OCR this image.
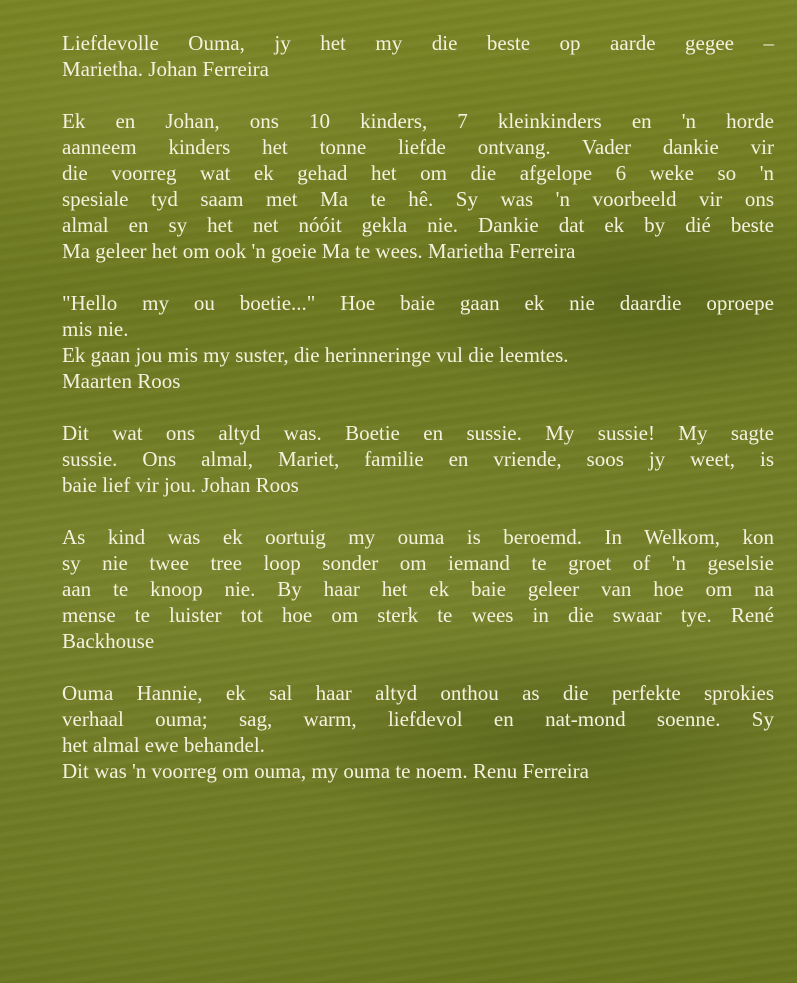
Liefdevolle Ouma, jy het my die beste op aarde gegee –
Marietha. Johan Ferreira
Ek en Johan, ons 10 kinders, 7 kleinkinders en 'n horde
aanneem kinders het tonne liefde ontvang. Vader dankie vir
die voorreg wat ek gehad het om die afgelope 6 weke so 'n
spesiale tyd saam met Ma te hê. Sy was 'n voorbeeld vir ons
almal en sy het net nóóit gekla nie. Dankie dat ek by dié beste
Ma geleer het om ook 'n goeie Ma te wees. Marietha Ferreira
"Hello my ou boetie..." Hoe baie gaan ek nie daardie oproepe
mis nie.
Ek gaan jou mis my suster, die herinneringe vul die leemtes.
Maarten Roos
Dit wat ons altyd was. Boetie en sussie. My sussie! My sagte
sussie. Ons almal, Mariet, familie en vriende, soos jy weet, is
baie lief vir jou. Johan Roos
As kind was ek oortuig my ouma is beroemd. In Welkom, kon
sy nie twee tree loop sonder om iemand te groet of 'n geselsie
aan te knoop nie. By haar het ek baie geleer van hoe om na
mense te luister tot hoe om sterk te wees in die swaar tye. René
Backhouse
Ouma Hannie, ek sal haar altyd onthou as die perfekte sprokies
verhaal ouma; sag, warm, liefdevol en nat-mond soenne. Sy
het almal ewe behandel.
Dit was 'n voorreg om ouma, my ouma te noem. Renu Ferreira
